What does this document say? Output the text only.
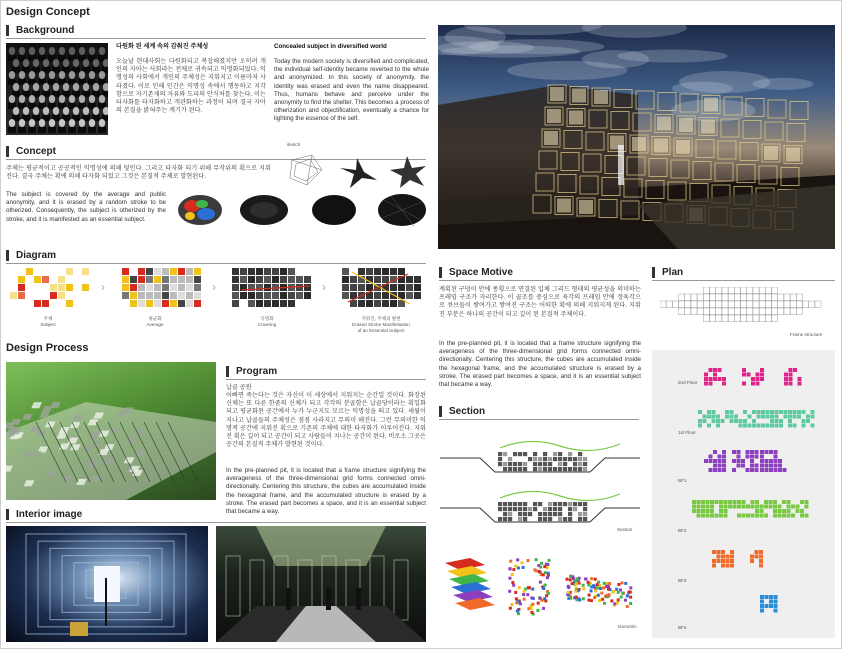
Design Concept
Background
다원화 된 세계 속의 감춰진 주체성
오늘날 현대사회는 다원화되고 복잡해졌지만 오히려 개인의 자아는 사회라는 전체로 귀속되고 익명화되었다. 익명성의 사회에서 개인의 주체성은 지워지고 이름마저 사라졌다. 이로 인해 인간은 익명성 속에서 행동하고 지각함으로 자기존재의 자유와 도피의 안식처를 찾는다. 이는 타자화를 타자화하고 객관화하는 과정이 되며 결국 자아의 본질을 밝혀주는 계기가 된다.
Concealed subject in diversified world
Today the modern society is diversified and complicated, the individual self-identity became reverted to the whole and anonymized. In this society of anonymity, the identity was erased and even the name disappeared. Thus, humans behave and perceive under the anonymity to find the shelter. This becomes a process of otherization and objectification, eventually a chance for lighting the essence of the self.
Concept
주체는 평균적이고 공공적인 익명성에 의해 덮인다. 그리고 타자화 되기 위해 무작위의 획으로 지워진다. 결국 주체는 획에 의해 타자화 되었고 그것은 본질적 주체로 발현된다.
The subject is covered by the average and public anonymity, and it is erased by a random stroke to be otherized. Consequently, the subject is otherized by the stroke, and it is manifested as an essential subject.
sketch
Diagram
주체
Subject
평균화
Average
익명화
Covering
지워진, 주체의 발현
Erased Stroke Manifestation of an Essential Subject
›	›	›
Design Process
Program
납골 공원
어빠면 죽는다는 것은 자신이 이 세상에서 지워지는 순간일 것이다. 화장된 신체는 또 다른 한줌의 신체가 되고 각각의 분골함은 납골당이라는 획일화 되고 평균화된 공간에서 누가 누군지도 모르는 익명성을 띄고 있다. 세월이 지나고 납골들의 주체성은 점점 사라지고 무의미 해진다. 그런 무의미한 익명적 공간에 지워진 획으로 기존의 주체에 대한 타자화가 이루어진다. 지워진 획은 길이 되고 공간이 되고 사람들이 지나는 공간이 된다. 비로소 그곳은 공간의 본질적 주체가 발현된 것이다.
In the pre-planned pit, it is located that a frame structure signifying the averageness of the three-dimensional grid forms connected omni-directionally. Centering this structure, the cubes are accumulated inside the hexagonal frame, and the accumulated structure is erased by a stroke. The erased part becomes a space, and it is an essential subject that became a way.
Interior image
Space Motive
계획된 구덩이 안에 종횡으로 연결된 입체 그리드 형태의 평균성을 의미하는 프레임 구조가 자리한다. 이 골조를 중심으로 육각의 프레임 안에 정육각으로 큐브들이 쌓여가고 쌓여진 구조는 어떠한 획에 의해 지워지게 된다. 지워진 부분은 하나의 공간이 되고 길이 된 본질적 주체이다.
In the pre-planned pit, it is located that a frame structure signifying the averageness of the three-dimensional grid forms connected omni-directionally. Centering this structure, the cubes are accumulated inside the hexagonal frame, and the accumulated structure is erased by a stroke. The erased part becomes a space, and it is an essential subject that became a way.
Section
Section
Isometric
Plan
Frame structure
2nd Floor
1st Floor
BF1
BF2
BF3
BF4
